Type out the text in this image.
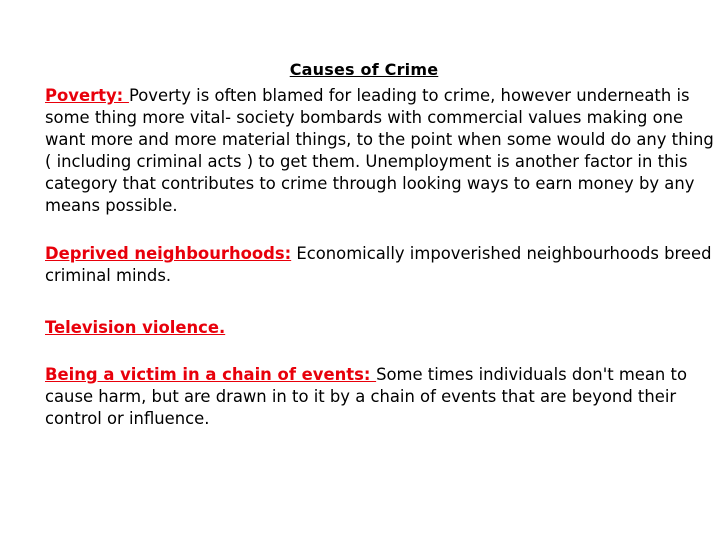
Causes of Crime

Poverty: Poverty is often blamed for leading to crime, however underneath is some thing more vital- society bombards with commercial values making one want more and more material things, to the point when some would do any thing ( including criminal acts ) to get them. Unemployment is another factor in this category that contributes to crime through looking ways to earn money by any means possible.

Deprived neighbourhoods: Economically impoverished neighbourhoods breed criminal minds.

Television violence.

Being a victim in a chain of events: Some times individuals don't mean to cause harm, but are drawn in to it by a chain of events that are beyond their control or influence.
